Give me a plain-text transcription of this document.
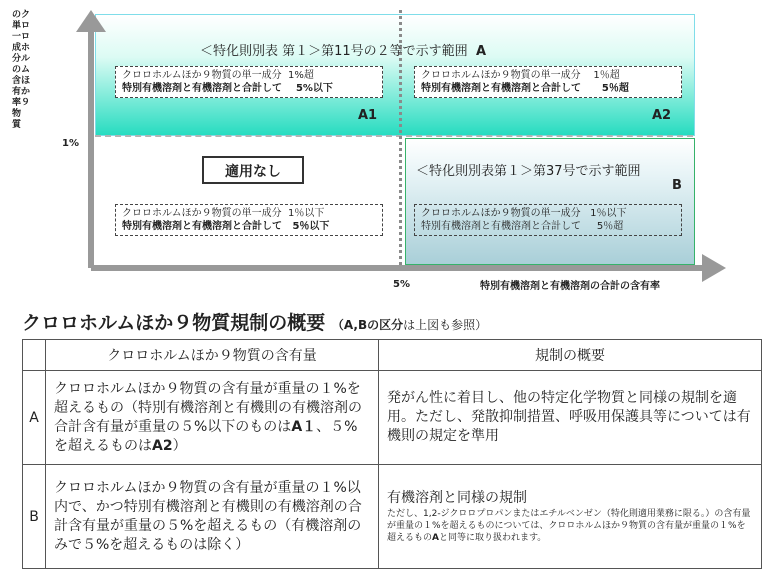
のク
単ロ
一ロ
成ホ
分ル
のム
含ほ
有か
率９
物
質
1%
＜特化則別表 第１＞第11号の２等で示す範囲 A
クロロホルムほか９物質の単一成分 1%超
特別有機溶剤と有機溶剤と合計して 5%以下
A1
クロロホルムほか９物質の単一成分 1％超
特別有機溶剤と有機溶剤と合計して 5％超
A2
適用なし
クロロホルムほか９物質の単一成分 1％以下
特別有機溶剤と有機溶剤と合計して 5％以下
＜特化則別表第１＞第37号で示す範囲
B
クロロホルムほか９物質の単一成分 1％以下
特別有機溶剤と有機溶剤と合計して 5％超
5%	特別有機溶剤と有機溶剤の合計の含有率
クロロホルムほか９物質規制の概要 （A,Bの区分は上図も参照）
	クロロホルムほか９物質の含有量	規制の概要
A	クロロホルムほか９物質の含有量が重量の１%を超えるもの（特別有機溶剤と有機則の有機溶剤の合計含有量が重量の５%以下のものはA１、５%を超えるものはA2）	発がん性に着目し、他の特定化学物質と同様の規制を適用。ただし、発散抑制措置、呼吸用保護具等については有機則の規定を準用
B	クロロホルムほか９物質の含有量が重量の１%以内で、かつ特別有機溶剤と有機則の有機溶剤の合計含有量が重量の５%を超えるもの（有機溶剤のみで５%を超えるものは除く）	有機溶剤と同様の規制
ただし、1,2-ジクロロプロパンまたはエチルベンゼン（特化則適用業務に限る。）の含有量が重量の１%を超えるものについては、クロロホルムほか９物質の含有量が重量の１%を超えるものAと同等に取り扱われます。
